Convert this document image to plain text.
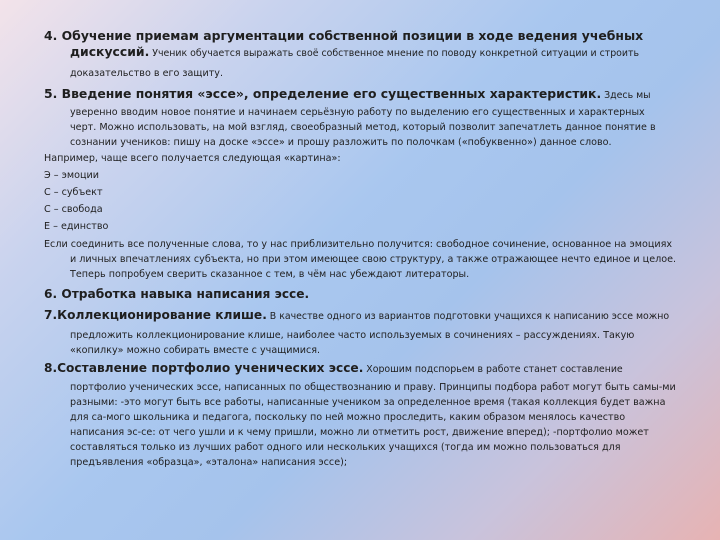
4. Обучение приемам аргументации собственной позиции в ходе ведения учебных
дискуссий. Ученик обучается выражать своё собственное мнение по поводу конкретной ситуации и строить
доказательство в его защиту.
5. Введение понятия «эссе», определение его существенных характеристик. Здесь мы
уверенно вводим новое понятие и начинаем серьёзную работу по выделению его существенных и характерных
черт. Можно использовать, на мой взгляд, своеобразный метод, который позволит запечатлеть данное понятие в
сознании учеников: пишу на доске «эссе» и прошу разложить по полочкам («побуквенно») данное слово.
Например, чаще всего получается следующая «картина»:
Э – эмоции
С – субъект
С – свобода
Е – единство
Если соединить все полученные слова, то у нас приблизительно получится: свободное сочинение, основанное на эмоциях
и личных впечатлениях субъекта, но при этом имеющее свою структуру, а также отражающее нечто единое и целое.
Теперь попробуем сверить сказанное с тем, в чём нас убеждают литераторы.
6. Отработка навыка написания эссе.
7.Коллекционирование клише. В качестве одного из вариантов подготовки учащихся к написанию эссе можно
предложить коллекционирование клише, наиболее часто используемых в сочинениях – рассуждениях. Такую
«копилку» можно собирать вместе с учащимися.
8.Составление портфолио ученических эссе. Хорошим подспорьем в работе станет составление
портфолио ученических эссе, написанных по обществознанию и праву. Принципы подбора работ могут быть самы-ми
разными: -это могут быть все работы, написанные учеником за определенное время (такая коллекция будет важна
для са-мого школьника и педагога, поскольку по ней можно проследить, каким образом менялось качество
написания эс-се: от чего ушли и к чему пришли, можно ли отметить рост, движение вперед); -портфолио может
составляться только из лучших работ одного или нескольких учащихся (тогда им можно пользоваться для
предъявления «образца», «эталона» написания эссе);
